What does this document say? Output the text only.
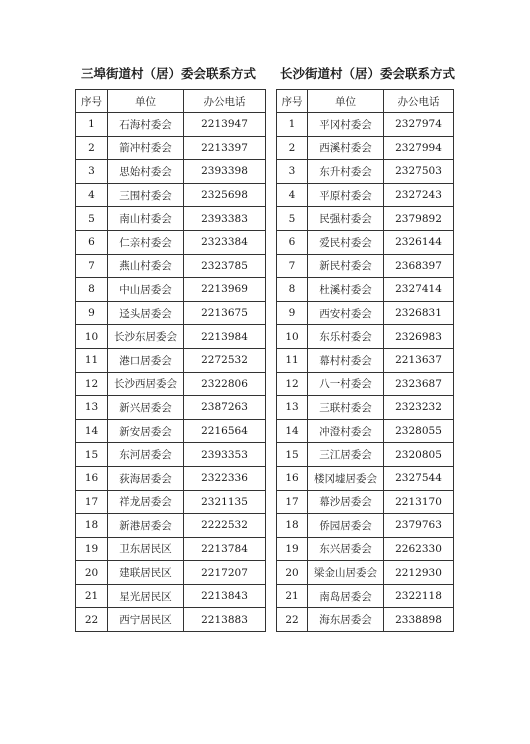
三埠街道村（居）委会联系方式
序号	单位	办公电话
1	石海村委会	2213947
2	箭冲村委会	2213397
3	思始村委会	2393398
4	三围村委会	2325698
5	南山村委会	2393383
6	仁亲村委会	2323384
7	燕山村委会	2323785
8	中山居委会	2213969
9	迳头居委会	2213675
10	长沙东居委会	2213984
11	港口居委会	2272532
12	长沙西居委会	2322806
13	新兴居委会	2387263
14	新安居委会	2216564
15	东河居委会	2393353
16	荻海居委会	2322336
17	祥龙居委会	2321135
18	新港居委会	2222532
19	卫东居民区	2213784
20	建联居民区	2217207
21	星光居民区	2213843
22	西宁居民区	2213883
长沙街道村（居）委会联系方式
序号	单位	办公电话
1	平冈村委会	2327974
2	西溪村委会	2327994
3	东升村委会	2327503
4	平原村委会	2327243
5	民强村委会	2379892
6	爱民村委会	2326144
7	新民村委会	2368397
8	杜溪村委会	2327414
9	西安村委会	2326831
10	东乐村委会	2326983
11	幕村村委会	2213637
12	八一村委会	2323687
13	三联村委会	2323232
14	冲澄村委会	2328055
15	三江居委会	2320805
16	楼冈墟居委会	2327544
17	幕沙居委会	2213170
18	侨园居委会	2379763
19	东兴居委会	2262330
20	梁金山居委会	2212930
21	南岛居委会	2322118
22	海东居委会	2338898
